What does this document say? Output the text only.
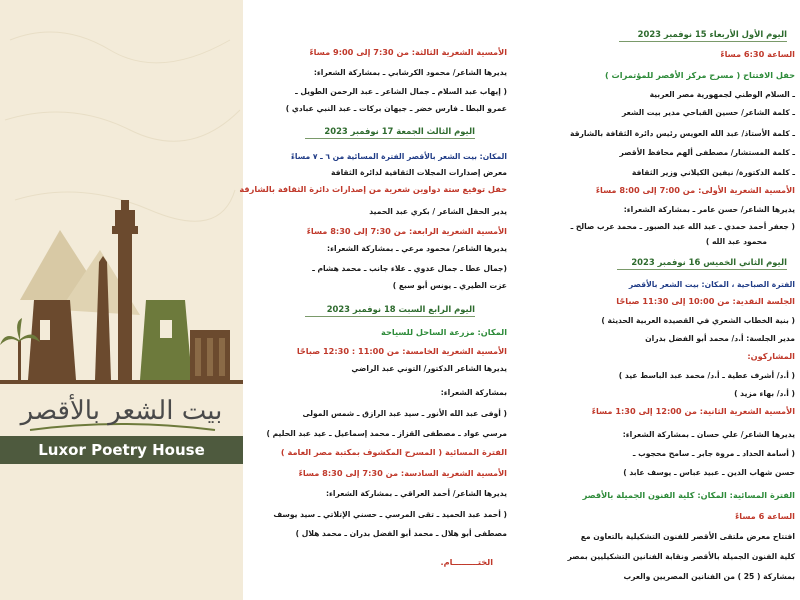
بيت الشعر بالأقصر
Luxor Poetry House
اليوم الأول الأربعاء 15 نوفمبر 2023
الساعة 6:30 مساءً
حفل الافتتاح ( مسرح مركز الأقصر للمؤتمرات )
ـ السلام الوطني لجمهورية مصر العربية
ـ كلمة الشاعر/ حسين القباحي مدير بيت الشعر
ـ كلمة الأستاذ/ عبد الله العويس رئيس دائرة الثقافة بالشارقة
ـ كلمة المستشار/ مصطفى ألهم محافظ الأقصر
ـ كلمة الدكتورة/ نيفين الكيلاني وزير الثقافة
الأمسية الشعرية الأولى: من 7:00 إلى 8:00 مساءً
يديرها الشاعر/ حسن عامر ـ بمشاركة الشعراء:
( جعفر أحمد حمدي ـ عبد الله عبد الصبور ـ محمد عرب صالح ـ
محمود عبد الله )
اليوم الثاني الخميس 16 نوفمبر 2023
الفترة الصباحية ، المكان: بيت الشعر بالأقصر
الجلسة النقدية: من 10:00 إلى 11:30 صباحًا
( بنية الخطاب الشعري في القصيدة العربية الحديثة )
مدير الجلسة: أ.د/ محمد أبو الفضل بدران
المشاركون:
( أ.د/ أشرف عطية ـ أ.د/ محمد عبد الباسط عيد )
( أ.د/ بهاء مزيد )
الأمسية الشعرية الثانية: من 12:00 إلى 1:30 مساءً
يديرها الشاعر/ علي حسان ـ بمشاركة الشعراء:
( أسامة الحداد ـ مروة جابر ـ سامح محجوب ـ
حسن شهاب الدين ـ عبيد عباس ـ يوسف عابد )
الفترة المسائية: المكان: كلية الفنون الجميلة بالأقصر
الساعة 6 مساءً
افتتاح معرض ملتقى الأقصر للفنون التشكيلية بالتعاون مع
كلية الفنون الجميلة بالأقصر ونقابة الفنانين التشكيليين بمصر
بمشاركة ( 25 ) من الفنانين المصريين والعرب
الأمسية الشعرية الثالثة: من 7:30 إلى 9:00 مساءً
يديرها الشاعر/ محمود الكرشابي ـ بمشاركة الشعراء:
( إيهاب عبد السلام ـ جمال الشاعر ـ عبد الرحمن الطويل ـ
عمرو البطا ـ فارس خضر ـ جيهان بركات ـ عبد النبي عبادي )
اليوم الثالث الجمعة 17 نوفمبر 2023
المكان: بيت الشعر بالأقصر الفترة المسائية من ٦ ـ ٧ مساءً
معرض إصدارات المجلات الثقافية لدائرة الثقافة
حفل توقيع ستة دواوين شعرية من إصدارات دائرة الثقافة بالشارقة
يدير الحفل الشاعر / بكري عبد الحميد
الأمسية الشعرية الرابعة: من 7:30 إلى 8:30 مساءً
يديرها الشاعر/ محمود مرعي ـ بمشاركة الشعراء:
(جمال عطا ـ جمال عدوي ـ علاء جانب ـ محمد هشام ـ
عزت الطيري ـ يونس أبو سبع )
اليوم الرابع السبت 18 نوفمبر 2023
المكان: مزرعة الساحل للسياحة
الأمسية الشعرية الخامسة: من 11:00 : 12:30 صباحًا
يديرها الشاعر الدكتور/ التوني عبد الراضي
بمشاركة الشعراء:
( أوفى عبد الله الأنور ـ سيد عبد الرازق ـ شمس المولى
مرسي عواد ـ مصطفى القزاز ـ محمد إسماعيل ـ عيد عبد الحليم )
الفترة المسائية ( المسرح المكشوف بمكتبة مصر العامة )
الأمسية الشعرية السادسة: من 7:30 إلى 8:30 مساءً
يديرها الشاعر/ أحمد العراقي ـ بمشاركة الشعراء:
( أحمد عبد الحميد ـ تقى المرسي ـ حسني الإتلاتي ـ سيد يوسف
مصطفى أبو هلال ـ محمد أبو الفضل بدران ـ محمد هلال )
الختـــــــــام.
